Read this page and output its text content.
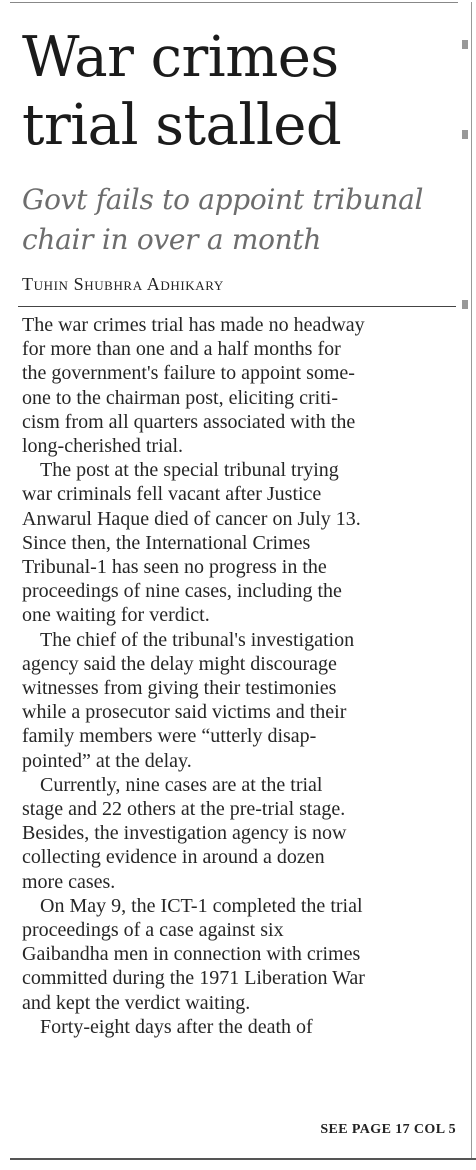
War crimes
trial stalled
Govt fails to appoint tribunal
chair in over a month
Tuhin Shubhra Adhikary
The war crimes trial has made no headway
for more than one and a half months for
the government's failure to appoint some-
one to the chairman post, eliciting criti-
cism from all quarters associated with the
long-cherished trial.
The post at the special tribunal trying
war criminals fell vacant after Justice
Anwarul Haque died of cancer on July 13.
Since then, the International Crimes
Tribunal-1 has seen no progress in the
proceedings of nine cases, including the
one waiting for verdict.
The chief of the tribunal's investigation
agency said the delay might discourage
witnesses from giving their testimonies
while a prosecutor said victims and their
family members were “utterly disap-
pointed” at the delay.
Currently, nine cases are at the trial
stage and 22 others at the pre-trial stage.
Besides, the investigation agency is now
collecting evidence in around a dozen
more cases.
On May 9, the ICT-1 completed the trial
proceedings of a case against six
Gaibandha men in connection with crimes
committed during the 1971 Liberation War
and kept the verdict waiting.
Forty-eight days after the death of
SEE PAGE 17 COL 5
